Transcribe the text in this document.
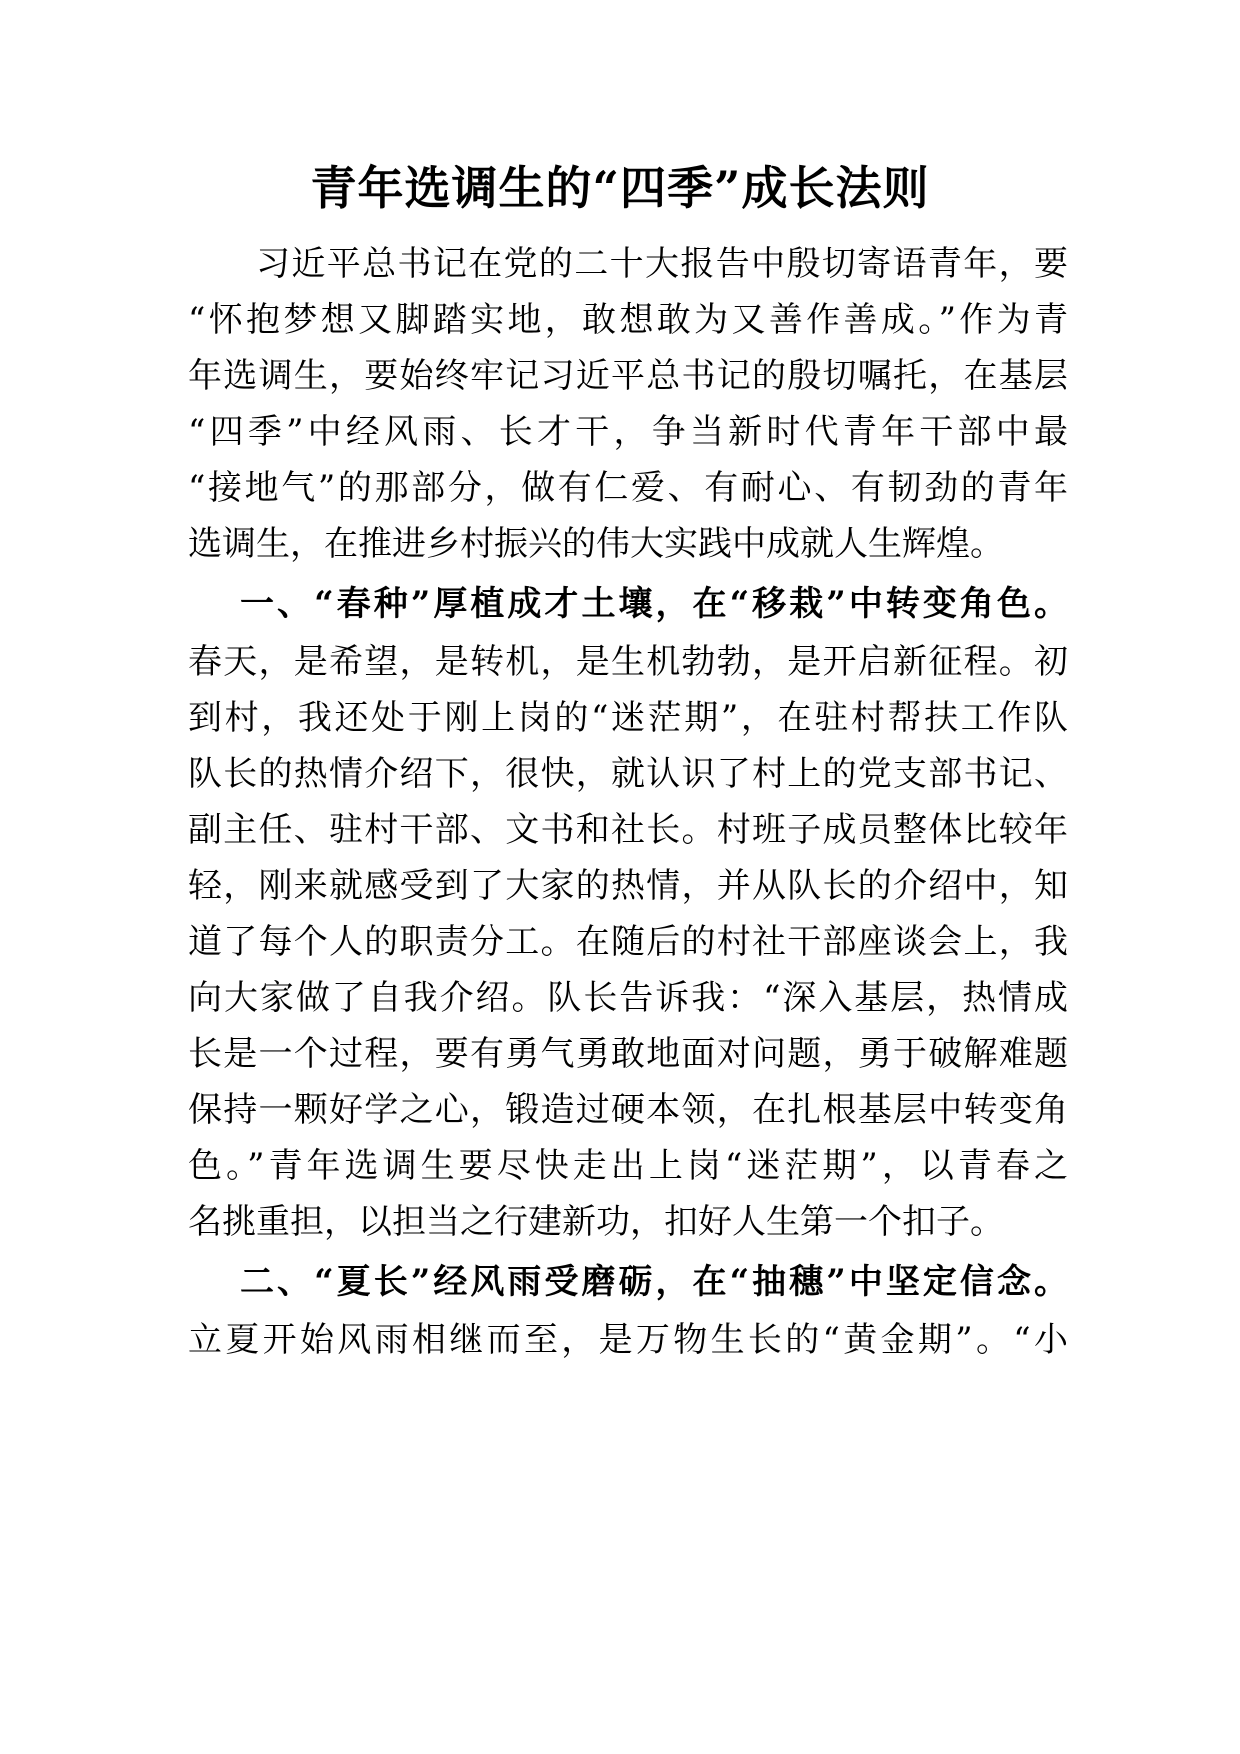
青年选调生的“四季”成长法则
习近平总书记在党的二十大报告中殷切寄语青年，要
“怀抱梦想又脚踏实地，敢想敢为又善作善成。”作为青
年选调生，要始终牢记习近平总书记的殷切嘱托，在基层
“四季”中经风雨、长才干，争当新时代青年干部中最
“接地气”的那部分，做有仁爱、有耐心、有韧劲的青年
选调生，在推进乡村振兴的伟大实践中成就人生辉煌。
一、“春种”厚植成才土壤，在“移栽”中转变角色。
春天，是希望，是转机，是生机勃勃，是开启新征程。初
到村，我还处于刚上岗的“迷茫期”，在驻村帮扶工作队
队长的热情介绍下，很快，就认识了村上的党支部书记、
副主任、驻村干部、文书和社长。村班子成员整体比较年
轻，刚来就感受到了大家的热情，并从队长的介绍中，知
道了每个人的职责分工。在随后的村社干部座谈会上，我
向大家做了自我介绍。队长告诉我：“深入基层，热情成
长是一个过程，要有勇气勇敢地面对问题，勇于破解难题
保持一颗好学之心，锻造过硬本领，在扎根基层中转变角
色。”青年选调生要尽快走出上岗“迷茫期”，以青春之
名挑重担，以担当之行建新功，扣好人生第一个扣子。
二、“夏长”经风雨受磨砺，在“抽穗”中坚定信念。
立夏开始风雨相继而至，是万物生长的“黄金期”。“小
